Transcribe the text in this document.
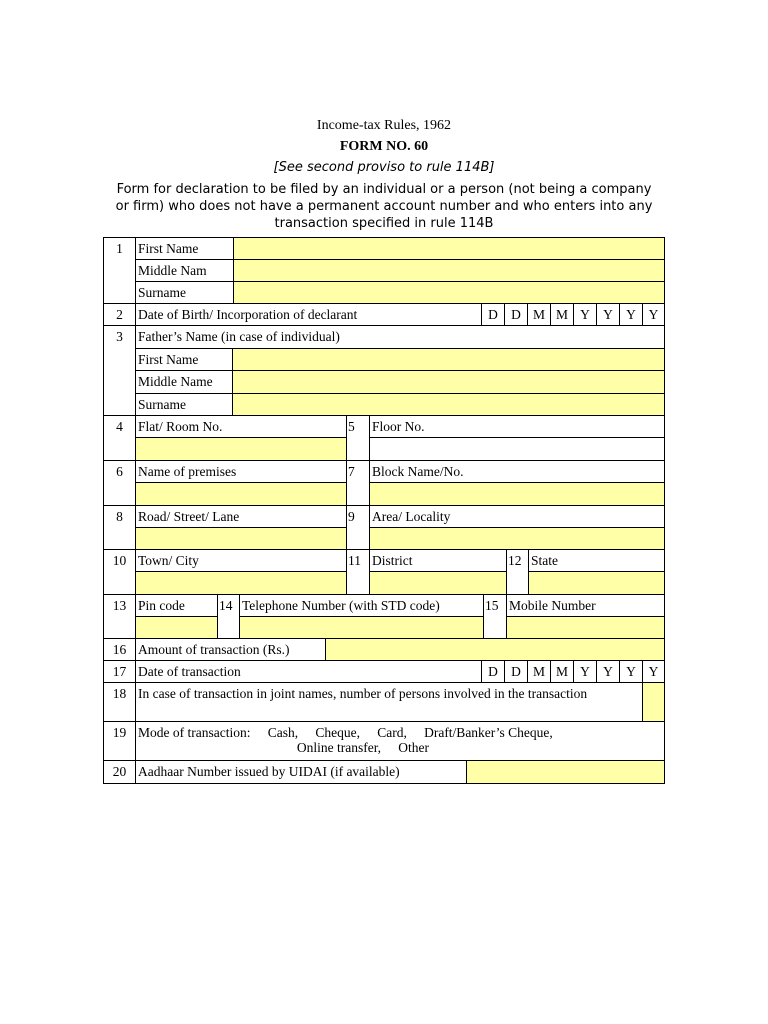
Income-tax Rules, 1962
FORM NO. 60
[See second proviso to rule 114B]
Form for declaration to be filed by an individual or a person (not being a company or firm) who does not have a permanent account number and who enters into any transaction specified in rule 114B
1	First Name
Middle Nam
Surname
2	Date of Birth/ Incorporation of declarant	D D M M Y Y Y Y
3	Father’s Name (in case of individual)
First Name
Middle Name
Surname
4	Flat/ Room No.	5	Floor No.
6	Name of premises	7	Block Name/No.
8	Road/ Street/ Lane	9	Area/ Locality
10 Town/ City	11 District	12 State
13 Pin code	14 Telephone Number (with STD code)	15 Mobile Number
16 Amount of transaction (Rs.)
17 Date of transaction	D D M M Y Y Y Y
18 In case of transaction in joint names, number of persons involved in the transaction
19 Mode of transaction: Cash, Cheque, Card, Draft/Banker’s Cheque,
Online transfer, Other
20 Aadhaar Number issued by UIDAI (if available)
